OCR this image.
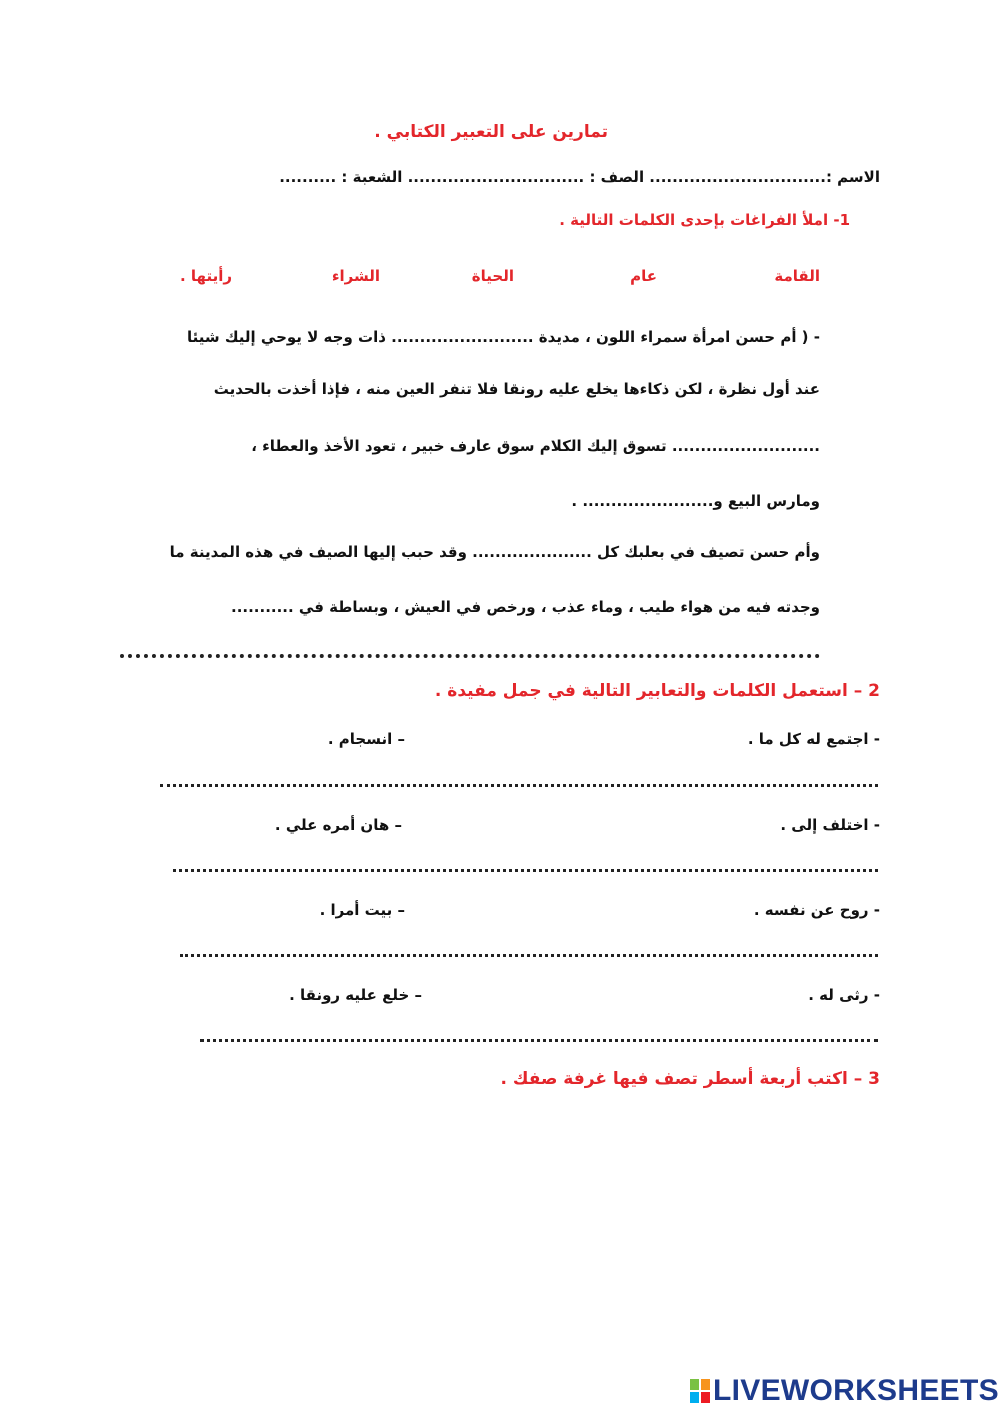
تمارين على التعبير الكتابي .
الاسم :............................... الصف : ............................... الشعبة : ..........
1- املأ الفراغات بإحدى الكلمات التالية .
القامة
عام
الحياة
الشراء
رأيتها .
- ( أم حسن امرأة سمراء اللون ، مديدة ......................... ذات وجه لا يوحي إليك شيئا
عند أول نظرة ، لكن ذكاءها يخلع عليه رونقا فلا تنفر العين منه ، فإذا أخذت بالحديث
.......................... تسوق إليك الكلام سوق عارف خبير ، تعود الأخذ والعطاء ،
ومارس البيع و....................... .
وأم حسن تصيف في بعلبك كل ..................... وقد حبب إليها الصيف في هذه المدينة ما
وجدته فيه من هواء طيب ، وماء عذب ، ورخص في العيش ، وبساطة في ...........
2 – استعمل الكلمات والتعابير التالية في جمل مفيدة .
- اجتمع له كل ما .
– انسجام .
- اختلف إلى .
– هان أمره علي .
- روح عن نفسه .
– بيت أمرا .
- رثى له .
– خلع عليه رونقا .
3 – اكتب أربعة أسطر تصف فيها غرفة صفك .
LIVEWORKSHEETS
